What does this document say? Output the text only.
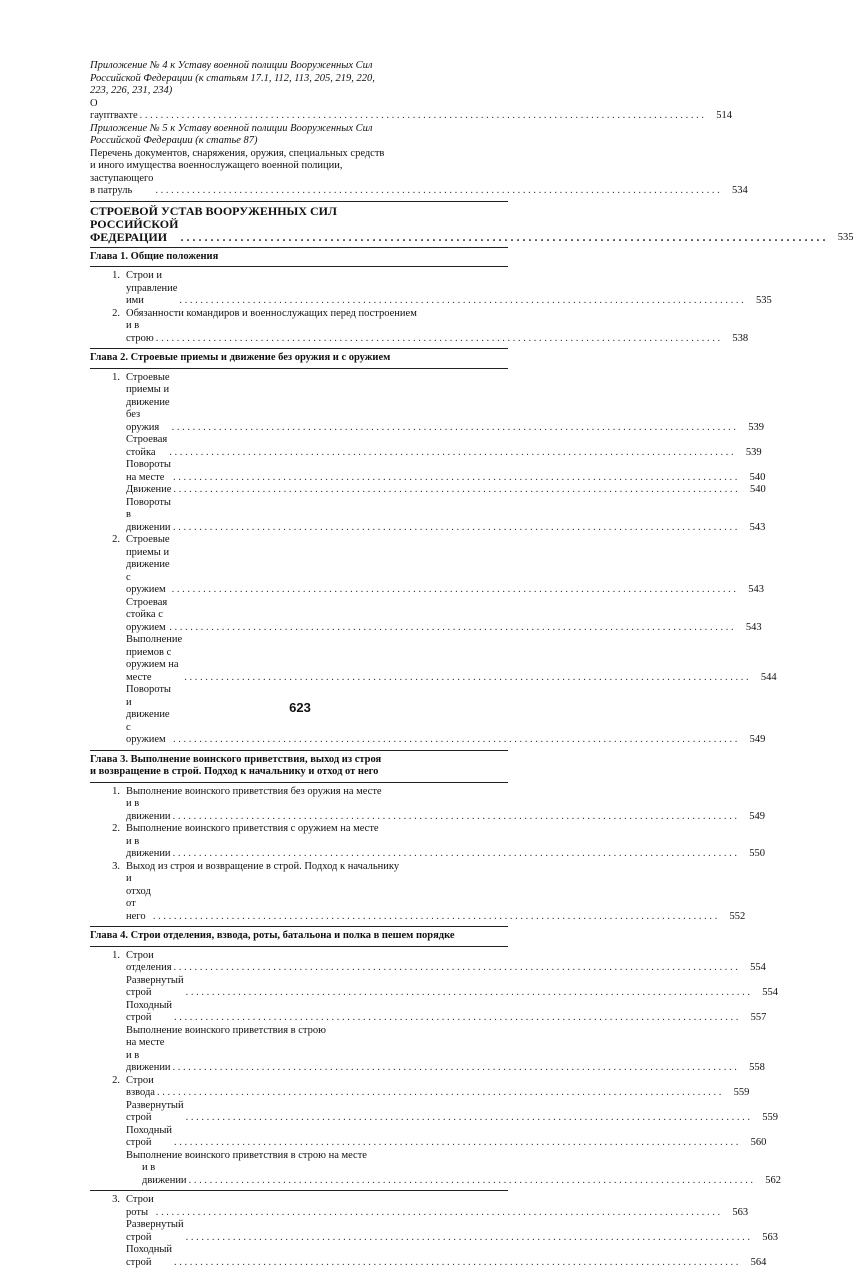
Приложение № 4 к Уставу военной полиции Вооруженных Сил
Российской Федерации (к статьям 17.1, 112, 113, 205, 219, 220,
223, 226, 231, 234)
О гауптвахте . . .	514
Приложение № 5 к Уставу военной полиции Вооруженных Сил
Российской Федерации (к статье 87)
Перечень документов, снаряжения, оружия, специальных средств
и иного имущества военнослужащего военной полиции,
заступающего в патруль . . .	534
СТРОЕВОЙ УСТАВ ВООРУЖЕННЫХ СИЛ
РОССИЙСКОЙ ФЕДЕРАЦИИ . . .	535
Глава 1. Общие положения
1. Строи и управление ими . . .	535
2. Обязанности командиров и военнослужащих перед построением
и в строю . . .	538
Глава 2. Строевые приемы и движение без оружия и с оружием
1. Строевые приемы и движение без оружия . . .	539
Строевая стойка . . .	539
Повороты на месте . . .	540
Движение . . .	540
Повороты в движении . . .	543
2. Строевые приемы и движение с оружием . . .	543
Строевая стойка с оружием . . .	543
Выполнение приемов с оружием на месте . . .	544
Повороты и движение с оружием . . .	549
Глава 3. Выполнение воинского приветствия, выход из строя
и возвращение в строй. Подход к начальнику и отход от него
1. Выполнение воинского приветствия без оружия на месте
и в движении . . .	549
2. Выполнение воинского приветствия с оружием на месте
и в движении . . .	550
3. Выход из строя и возвращение в строй. Подход к начальнику
и отход от него . . .	552
Глава 4. Строи отделения, взвода, роты, батальона и полка в пешем порядке
1. Строи отделения . . .	554
Развернутый строй . . .	554
Походный строй . . .	557
Выполнение воинского приветствия в строю
на месте и в движении . . .	558
2. Строи взвода . . .	559
Развернутый строй . . .	559
Походный строй . . .	560
Выполнение воинского приветствия в строю на месте
и в движении . . .	562
3. Строи роты . . .	563
Развернутый строй . . .	563
Походный строй . . .	564
623
